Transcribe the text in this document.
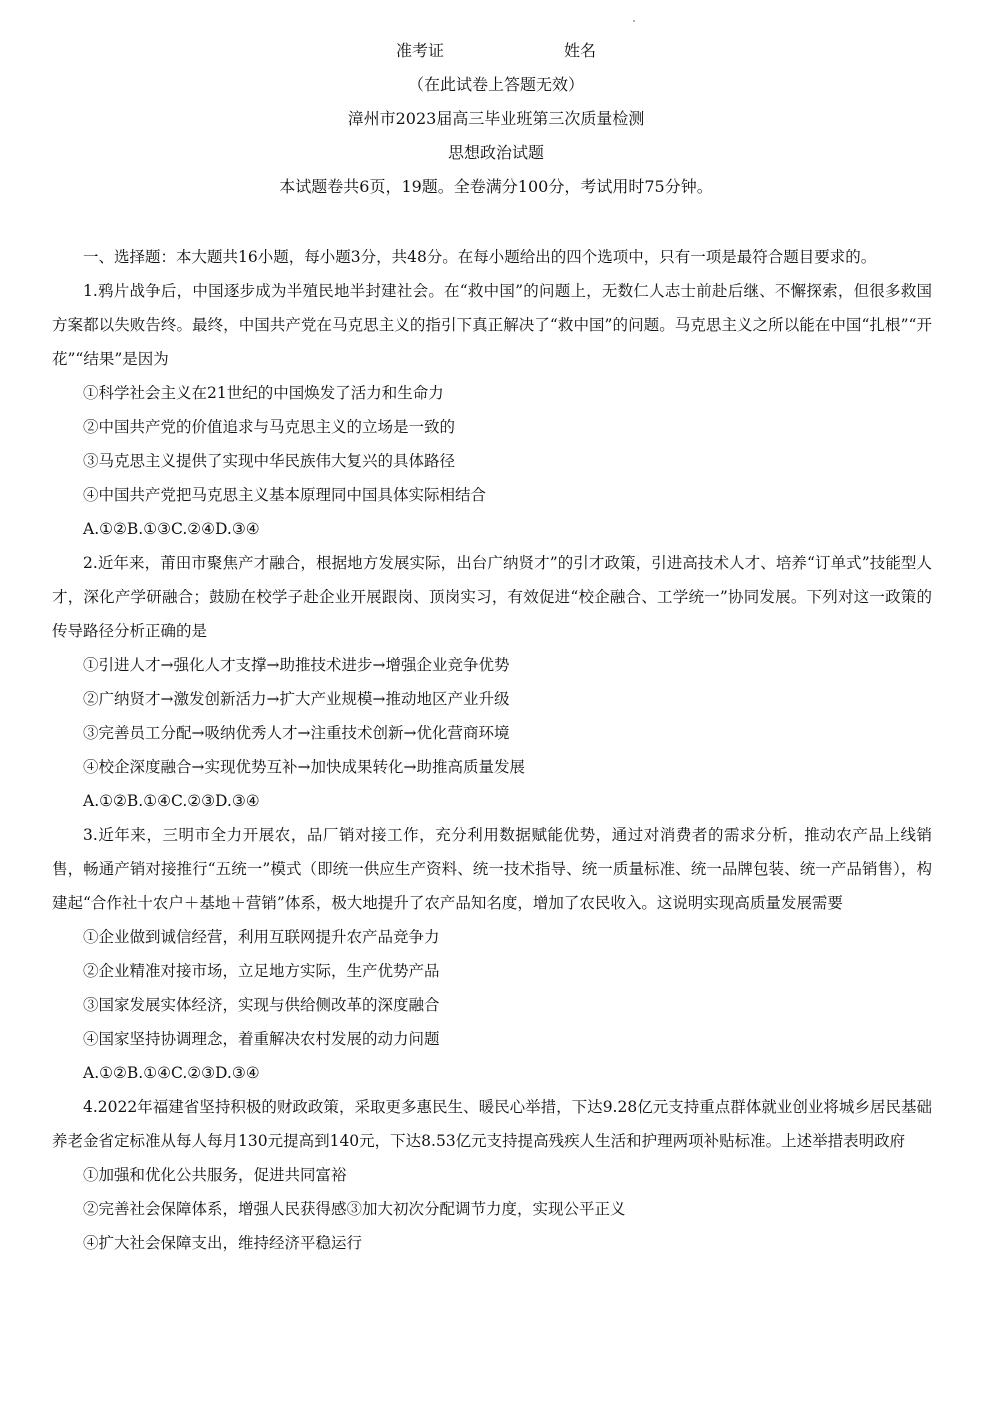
准考证	姓名
（在此试卷上答题无效）
漳州市2023届高三毕业班第三次质量检测
思想政治试题
本试题卷共6页，19题。全卷满分100分，考试用时75分钟。

一、选择题：本大题共16小题，每小题3分，共48分。在每小题给出的四个选项中，只有一项是最符合题目要求的。

1.鸦片战争后，中国逐步成为半殖民地半封建社会。在“救中国”的问题上，无数仁人志士前赴后继、不懈探索，但很多救国方案都以失败告终。最终，中国共产党在马克思主义的指引下真正解决了“救中国”的问题。马克思主义之所以能在中国“扎根”“开花”“结果”是因为

①科学社会主义在21世纪的中国焕发了活力和生命力

②中国共产党的价值追求与马克思主义的立场是一致的

③马克思主义提供了实现中华民族伟大复兴的具体路径

④中国共产党把马克思主义基本原理同中国具体实际相结合

A.①②B.①③C.②④D.③④

2.近年来，莆田市聚焦产才融合，根据地方发展实际，出台广纳贤才”的引才政策，引进高技术人才、培养“订单式”技能型人才，深化产学研融合；鼓励在校学子赴企业开展跟岗、顶岗实习，有效促进“校企融合、工学统一”协同发展。下列对这一政策的传导路径分析正确的是

①引进人才→强化人才支撑→助推技术进步→增强企业竞争优势

②广纳贤才→激发创新活力→扩大产业规模→推动地区产业升级

③完善员工分配→吸纳优秀人才→注重技术创新→优化营商环境

④校企深度融合→实现优势互补→加快成果转化→助推高质量发展

A.①②B.①④C.②③D.③④

3.近年来，三明市全力开展农，品厂销对接工作，充分利用数据赋能优势，通过对消费者的需求分析，推动农产品上线销售，畅通产销对接推行“五统一”模式（即统一供应生产资料、统一技术指导、统一质量标准、统一品牌包装、统一产品销售），构建起“合作社十农户＋基地＋营销”体系，极大地提升了农产品知名度，增加了农民收入。这说明实现高质量发展需要

①企业做到诚信经营，利用互联网提升农产品竞争力

②企业精准对接市场，立足地方实际，生产优势产品

③国家发展实体经济，实现与供给侧改革的深度融合

④国家坚持协调理念，着重解决农村发展的动力问题

A.①②B.①④C.②③D.③④

4.2022年福建省坚持积极的财政政策，采取更多惠民生、暖民心举措，下达9.28亿元支持重点群体就业创业将城乡居民基础养老金省定标准从每人每月130元提高到140元，下达8.53亿元支持提高残疾人生活和护理两项补贴标准。上述举措表明政府

①加强和优化公共服务，促进共同富裕

②完善社会保障体系，增强人民获得感③加大初次分配调节力度，实现公平正义

④扩大社会保障支出，维持经济平稳运行
